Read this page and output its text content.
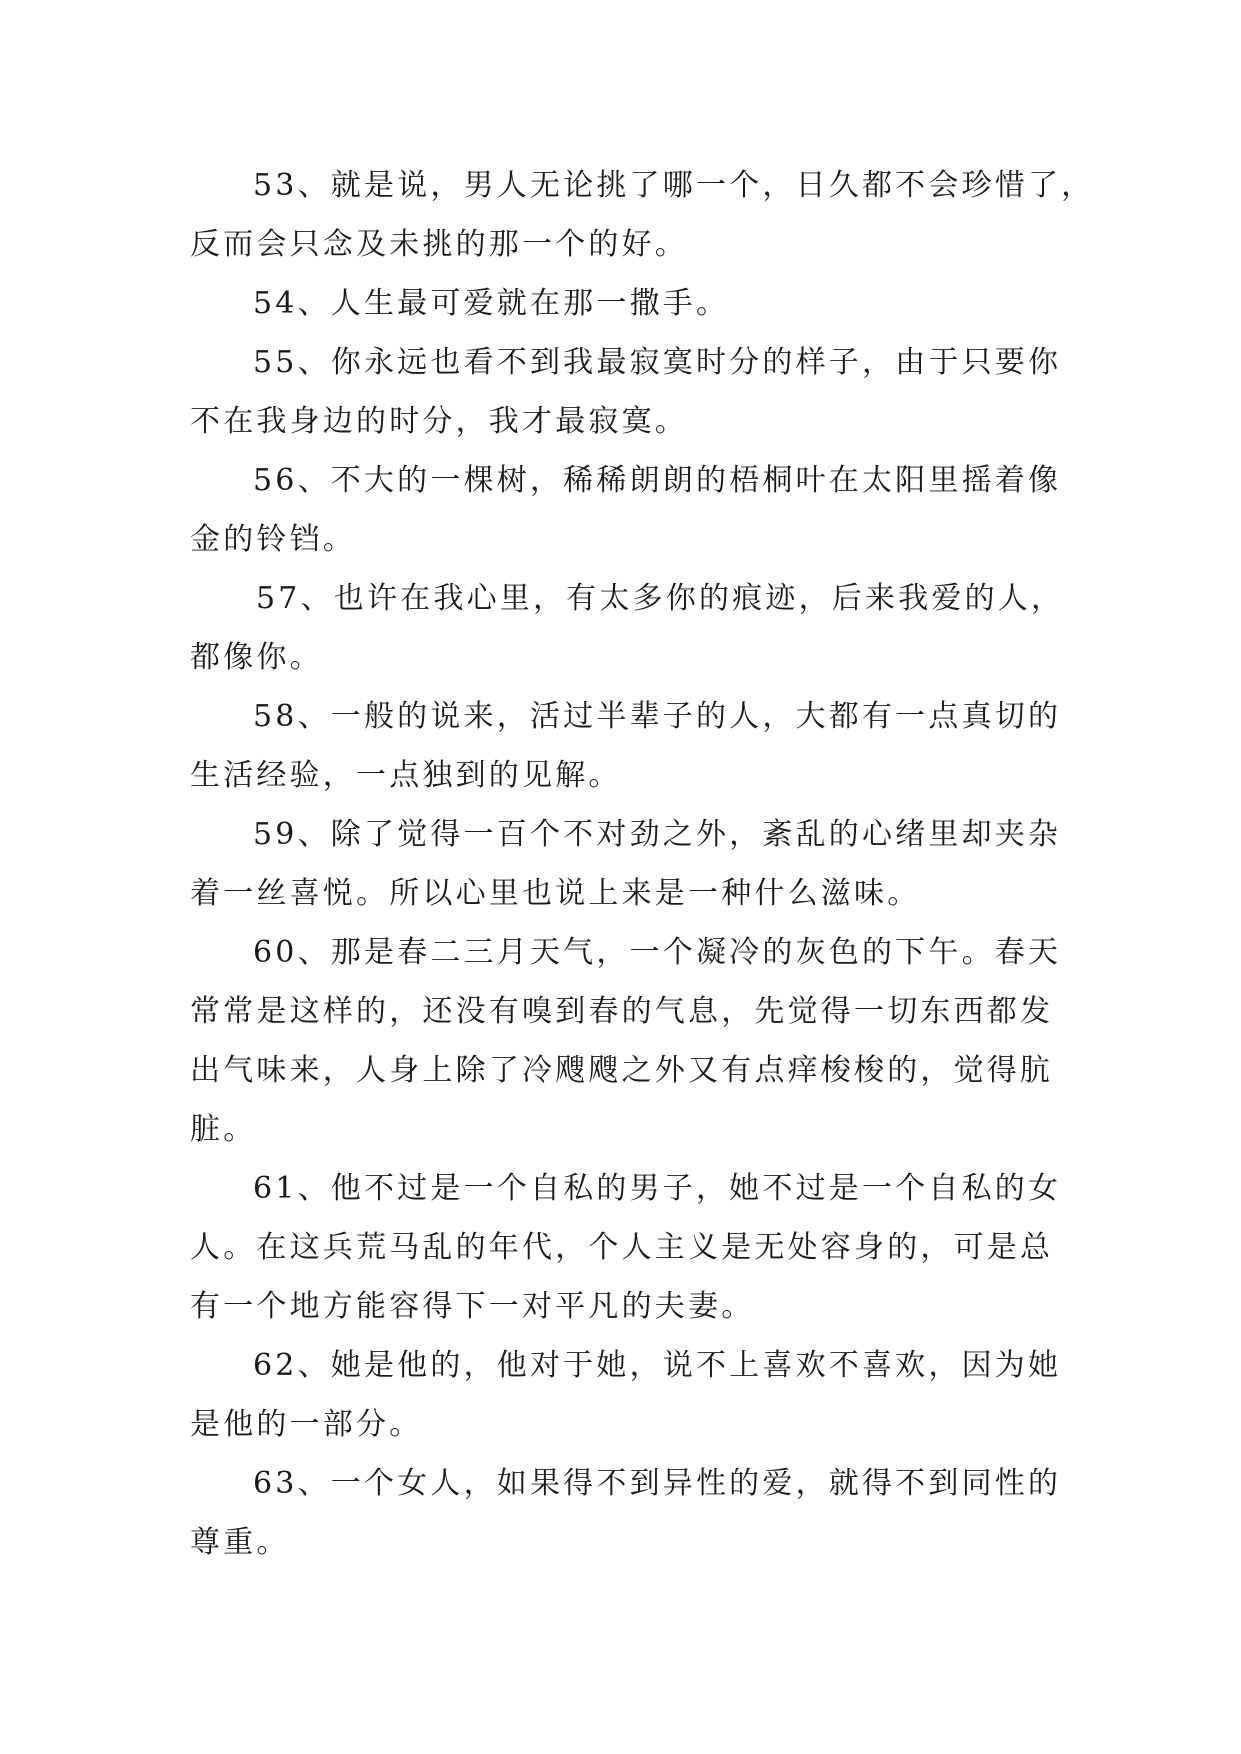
53、就是说，男人无论挑了哪一个，日久都不会珍惜了，
反而会只念及未挑的那一个的好。
54、人生最可爱就在那一撒手。
55、你永远也看不到我最寂寞时分的样子，由于只要你
不在我身边的时分，我才最寂寞。
56、不大的一棵树，稀稀朗朗的梧桐叶在太阳里摇着像
金的铃铛。
57、也许在我心里，有太多你的痕迹，后来我爱的人，
都像你。
58、一般的说来，活过半辈子的人，大都有一点真切的
生活经验，一点独到的见解。
59、除了觉得一百个不对劲之外，紊乱的心绪里却夹杂
着一丝喜悦。所以心里也说上来是一种什么滋味。
60、那是春二三月天气，一个凝冷的灰色的下午。春天
常常是这样的，还没有嗅到春的气息，先觉得一切东西都发
出气味来，人身上除了冷飕飕之外又有点痒梭梭的，觉得肮
脏。
61、他不过是一个自私的男子，她不过是一个自私的女
人。在这兵荒马乱的年代，个人主义是无处容身的，可是总
有一个地方能容得下一对平凡的夫妻。
62、她是他的，他对于她，说不上喜欢不喜欢，因为她
是他的一部分。
63、一个女人，如果得不到异性的爱，就得不到同性的
尊重。
